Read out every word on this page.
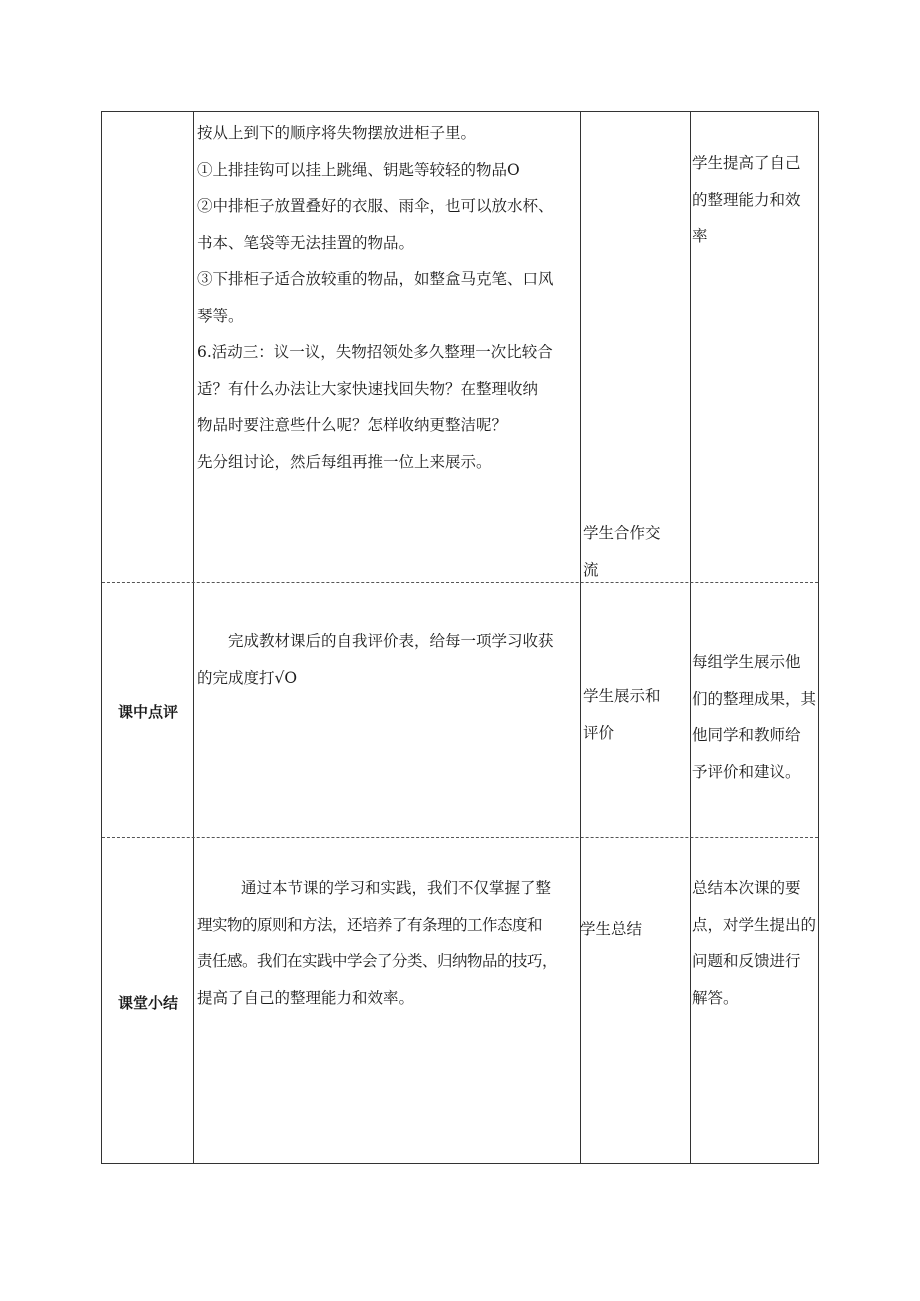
按从上到下的顺序将失物摆放进柜子里。
①上排挂钩可以挂上跳绳、钥匙等较轻的物品O
②中排柜子放置叠好的衣服、雨伞，也可以放水杯、
书本、笔袋等无法挂置的物品。
③下排柜子适合放较重的物品，如整盒马克笔、口风
琴等。
6.活动三：议一议，失物招领处多久整理一次比较合
适？有什么办法让大家快速找回失物？在整理收纳
物品时要注意些什么呢？怎样收纳更整洁呢？
先分组讨论，然后每组再推一位上来展示。
学生合作交
流
学生提高了自己
的整理能力和效
率
课中点评
完成教材课后的自我评价表，给每一项学习收获
的完成度打√O
学生展示和
评价
每组学生展示他
们的整理成果，其
他同学和教师给
予评价和建议。
课堂小结
通过本节课的学习和实践，我们不仅掌握了整
理实物的原则和方法，还培养了有条理的工作态度和
责任感。我们在实践中学会了分类、归纳物品的技巧，
提高了自己的整理能力和效率。
学生总结
总结本次课的要
点，对学生提出的
问题和反馈进行
解答。
